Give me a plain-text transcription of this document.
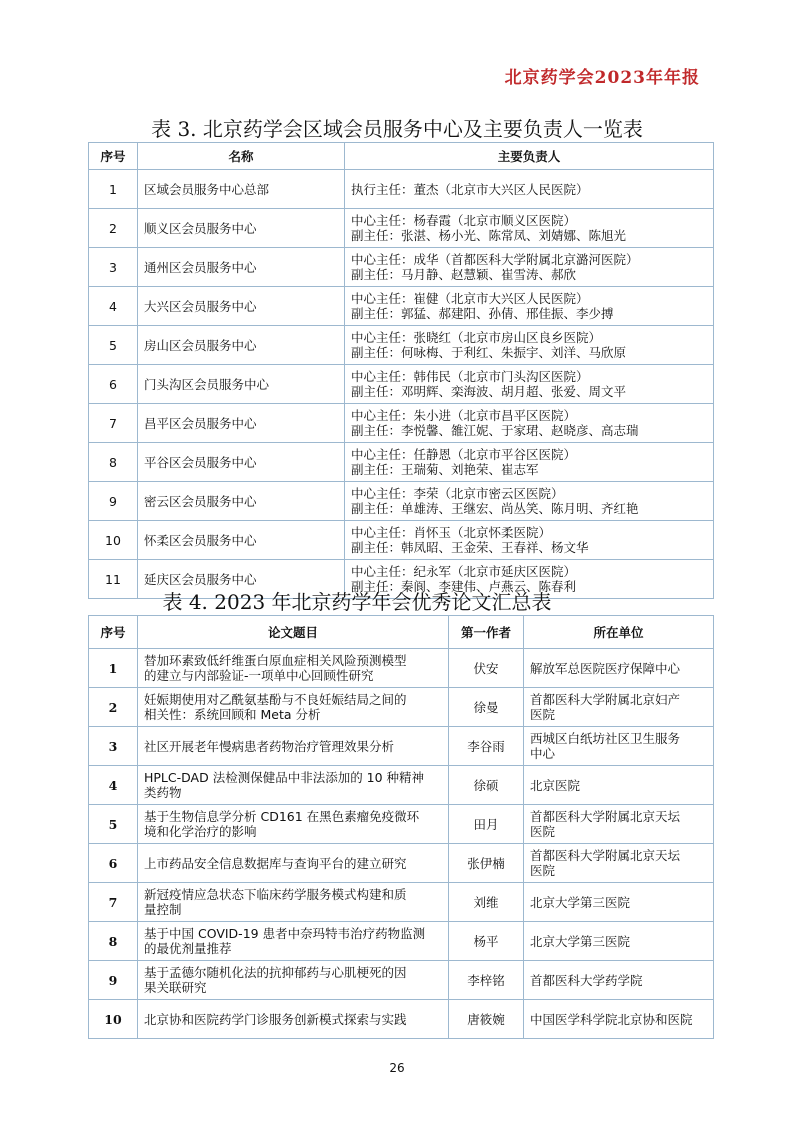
北京药学会2023年年报
表 3. 北京药学会区域会员服务中心及主要负责人一览表
序号	名称	主要负责人
1	区域会员服务中心总部	执行主任：董杰（北京市大兴区人民医院）

2	顺义区会员服务中心	中心主任：杨春霞（北京市顺义区医院）
副主任：张湛、杨小光、陈常凤、刘婧娜、陈旭光

3	通州区会员服务中心	中心主任：成华（首都医科大学附属北京潞河医院）
副主任：马月静、赵慧颖、崔雪涛、郝欣

4	大兴区会员服务中心	中心主任：崔健（北京市大兴区人民医院）
副主任：郭猛、郝建阳、孙倩、邢佳振、李少搏

5	房山区会员服务中心	中心主任：张晓红（北京市房山区良乡医院）
副主任：何咏梅、于利红、朱振宇、刘洋、马欣原

6	门头沟区会员服务中心	中心主任：韩伟民（北京市门头沟区医院）
副主任：邓明辉、栾海波、胡月超、张爱、周文平

7	昌平区会员服务中心	中心主任：朱小进（北京市昌平区医院）
副主任：李悦馨、雒江妮、于家珺、赵晓彦、高志瑞

8	平谷区会员服务中心	中心主任：任静恩（北京市平谷区医院）
副主任：王瑞菊、刘艳荣、崔志军

9	密云区会员服务中心	中心主任：李荣（北京市密云区医院）
副主任：单雄涛、王继宏、尚丛笑、陈月明、齐红艳

10	怀柔区会员服务中心	中心主任：肖怀玉（北京怀柔医院）
副主任：韩凤昭、王金荣、王春祥、杨文华

11	延庆区会员服务中心	中心主任：纪永军（北京市延庆区医院）
副主任：秦阆、李建伟、卢燕云、陈春利
表 4. 2023 年北京药学年会优秀论文汇总表
序号	论文题目	第一作者	所在单位
1	替加环素致低纤维蛋白原血症相关风险预测模型
的建立与内部验证-一项单中心回顾性研究	伏安	解放军总医院医疗保障中心

2	妊娠期使用对乙酰氨基酚与不良妊娠结局之间的
相关性：系统回顾和 Meta 分析	徐曼	首都医科大学附属北京妇产
医院

3	社区开展老年慢病患者药物治疗管理效果分析	李谷雨	西城区白纸坊社区卫生服务
中心

4	HPLC-DAD 法检测保健品中非法添加的 10 种精神
类药物	徐硕	北京医院

5	基于生物信息学分析 CD161 在黑色素瘤免疫微环
境和化学治疗的影响	田月	首都医科大学附属北京天坛
医院

6	上市药品安全信息数据库与查询平台的建立研究	张伊楠	首都医科大学附属北京天坛
医院

7	新冠疫情应急状态下临床药学服务模式构建和质
量控制	刘维	北京大学第三医院

8	基于中国 COVID-19 患者中奈玛特韦治疗药物监测
的最优剂量推荐	杨平	北京大学第三医院

9	基于孟德尔随机化法的抗抑郁药与心肌梗死的因
果关联研究	李梓铭	首都医科大学药学院

10	北京协和医院药学门诊服务创新模式探索与实践	唐筱婉	中国医学科学院北京协和医院
26
